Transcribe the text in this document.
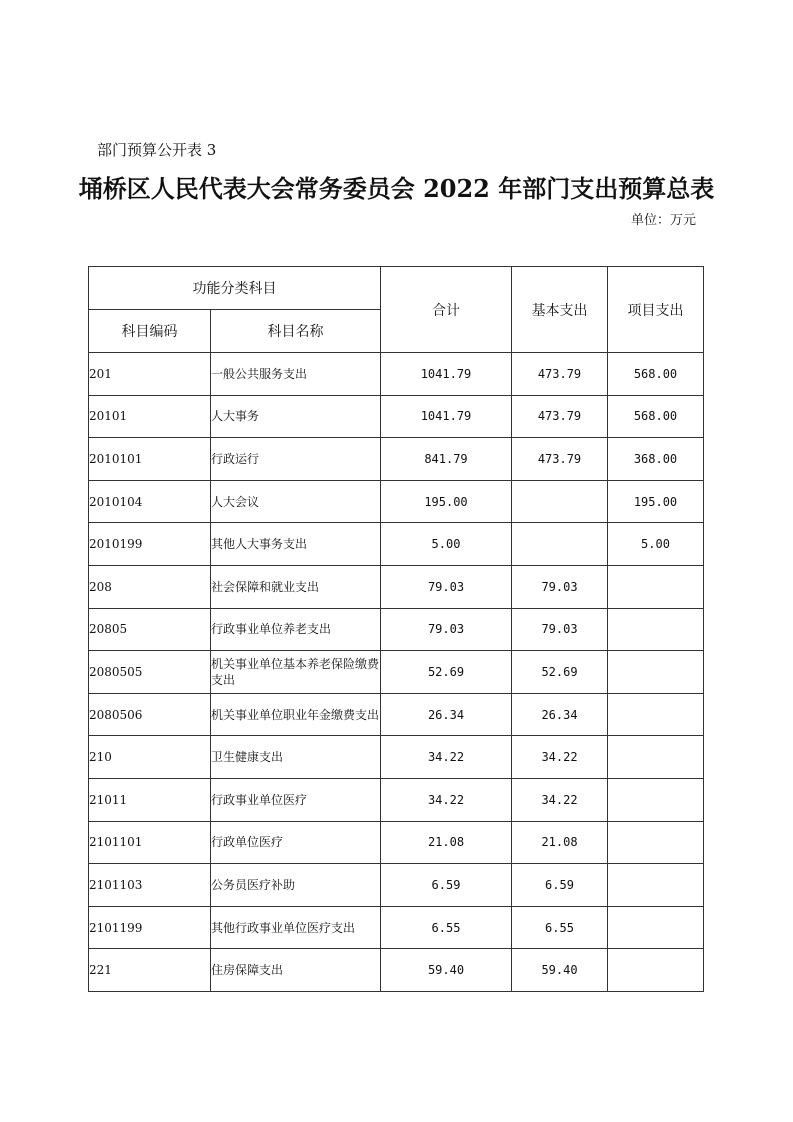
部门预算公开表 3
埇桥区人民代表大会常务委员会 2022 年部门支出预算总表
单位：万元
功能分类科目		合计	基本支出	项目支出
科目编码	科目名称			
201	一般公共服务支出	1041.79	473.79	568.00
20101	人大事务	1041.79	473.79	568.00
2010101	行政运行	841.79	473.79	368.00
2010104	人大会议	195.00		195.00
2010199	其他人大事务支出	5.00		5.00
208	社会保障和就业支出	79.03	79.03	
20805	行政事业单位养老支出	79.03	79.03	
2080505	机关事业单位基本养老保险缴费支出	52.69	52.69	
2080506	机关事业单位职业年金缴费支出	26.34	26.34	
210	卫生健康支出	34.22	34.22	
21011	行政事业单位医疗	34.22	34.22	
2101101	行政单位医疗	21.08	21.08	
2101103	公务员医疗补助	6.59	6.59	
2101199	其他行政事业单位医疗支出	6.55	6.55	
221	住房保障支出	59.40	59.40	
